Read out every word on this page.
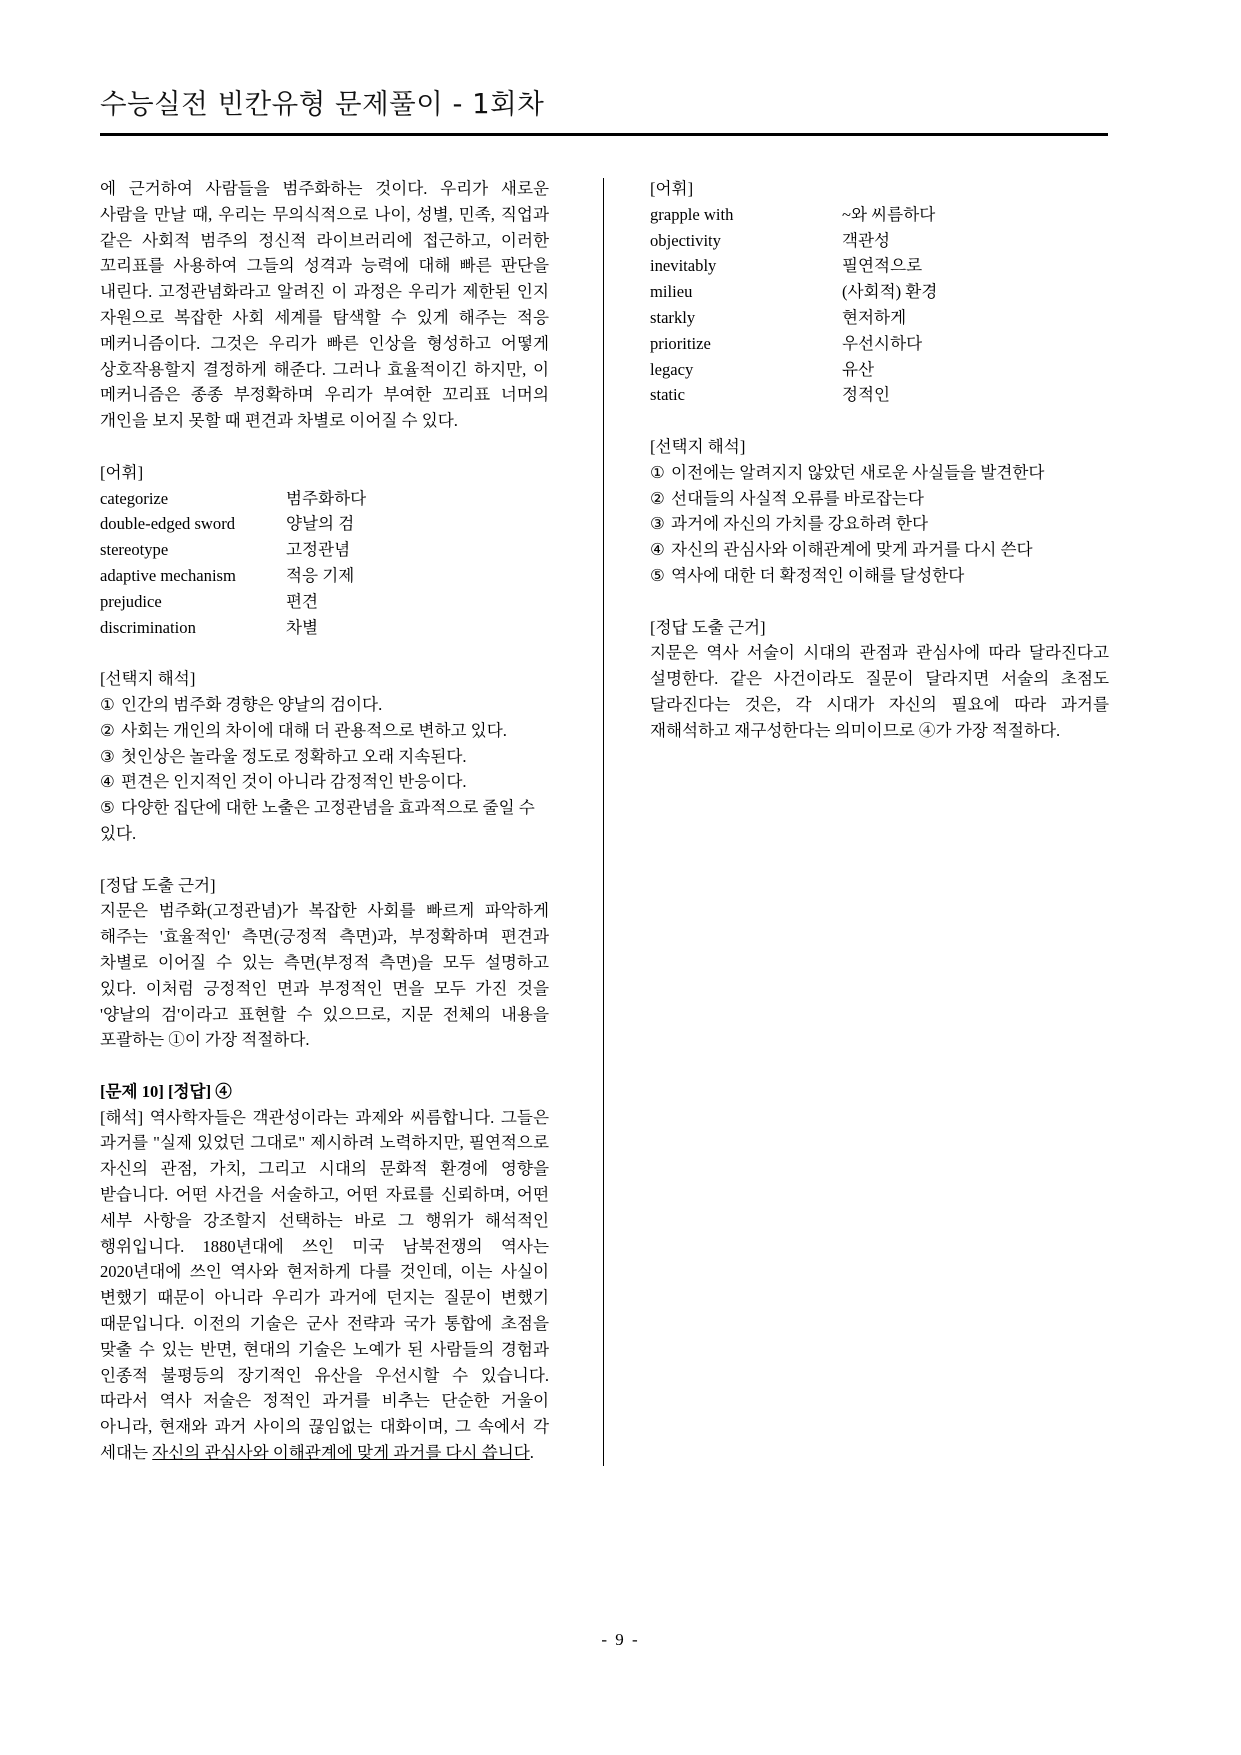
수능실전 빈칸유형 문제풀이 - 1회차

에 근거하여 사람들을 범주화하는 것이다. 우리가 새로운 사람을 만날 때, 우리는 무의식적으로 나이, 성별, 민족, 직업과 같은 사회적 범주의 정신적 라이브러리에 접근하고, 이러한 꼬리표를 사용하여 그들의 성격과 능력에 대해 빠른 판단을 내린다. 고정관념화라고 알려진 이 과정은 우리가 제한된 인지 자원으로 복잡한 사회 세계를 탐색할 수 있게 해주는 적응 메커니즘이다. 그것은 우리가 빠른 인상을 형성하고 어떻게 상호작용할지 결정하게 해준다. 그러나 효율적이긴 하지만, 이 메커니즘은 종종 부정확하며 우리가 부여한 꼬리표 너머의 개인을 보지 못할 때 편견과 차별로 이어질 수 있다.

[어휘]

categorize	범주화하다
double-edged sword	양날의 검
stereotype	고정관념
adaptive mechanism	적응 기제
prejudice	편견
discrimination	차별

[선택지 해석]

① 인간의 범주화 경향은 양날의 검이다.

② 사회는 개인의 차이에 대해 더 관용적으로 변하고 있다.

③ 첫인상은 놀라울 정도로 정확하고 오래 지속된다.

④ 편견은 인지적인 것이 아니라 감정적인 반응이다.

⑤ 다양한 집단에 대한 노출은 고정관념을 효과적으로 줄일 수 있다.

[정답 도출 근거]

지문은 범주화(고정관념)가 복잡한 사회를 빠르게 파악하게 해주는 '효율적인' 측면(긍정적 측면)과, 부정확하며 편견과 차별로 이어질 수 있는 측면(부정적 측면)을 모두 설명하고 있다. 이처럼 긍정적인 면과 부정적인 면을 모두 가진 것을 '양날의 검'이라고 표현할 수 있으므로, 지문 전체의 내용을 포괄하는 ①이 가장 적절하다.

[문제 10] [정답] ④

[해석] 역사학자들은 객관성이라는 과제와 씨름합니다. 그들은 과거를 "실제 있었던 그대로" 제시하려 노력하지만, 필연적으로 자신의 관점, 가치, 그리고 시대의 문화적 환경에 영향을 받습니다. 어떤 사건을 서술하고, 어떤 자료를 신뢰하며, 어떤 세부 사항을 강조할지 선택하는 바로 그 행위가 해석적인 행위입니다. 1880년대에 쓰인 미국 남북전쟁의 역사는 2020년대에 쓰인 역사와 현저하게 다를 것인데, 이는 사실이 변했기 때문이 아니라 우리가 과거에 던지는 질문이 변했기 때문입니다. 이전의 기술은 군사 전략과 국가 통합에 초점을 맞출 수 있는 반면, 현대의 기술은 노예가 된 사람들의 경험과 인종적 불평등의 장기적인 유산을 우선시할 수 있습니다. 따라서 역사 저술은 정적인 과거를 비추는 단순한 거울이 아니라, 현재와 과거 사이의 끊임없는 대화이며, 그 속에서 각 세대는 자신의 관심사와 이해관계에 맞게 과거를 다시 씁니다.

[어휘]

grapple with	~와 씨름하다
objectivity	객관성
inevitably	필연적으로
milieu	(사회적) 환경
starkly	현저하게
prioritize	우선시하다
legacy	유산
static	정적인

[선택지 해석]

① 이전에는 알려지지 않았던 새로운 사실들을 발견한다

② 선대들의 사실적 오류를 바로잡는다

③ 과거에 자신의 가치를 강요하려 한다

④ 자신의 관심사와 이해관계에 맞게 과거를 다시 쓴다

⑤ 역사에 대한 더 확정적인 이해를 달성한다

[정답 도출 근거]

지문은 역사 서술이 시대의 관점과 관심사에 따라 달라진다고 설명한다. 같은 사건이라도 질문이 달라지면 서술의 초점도 달라진다는 것은, 각 시대가 자신의 필요에 따라 과거를 재해석하고 재구성한다는 의미이므로 ④가 가장 적절하다.

- 9 -
